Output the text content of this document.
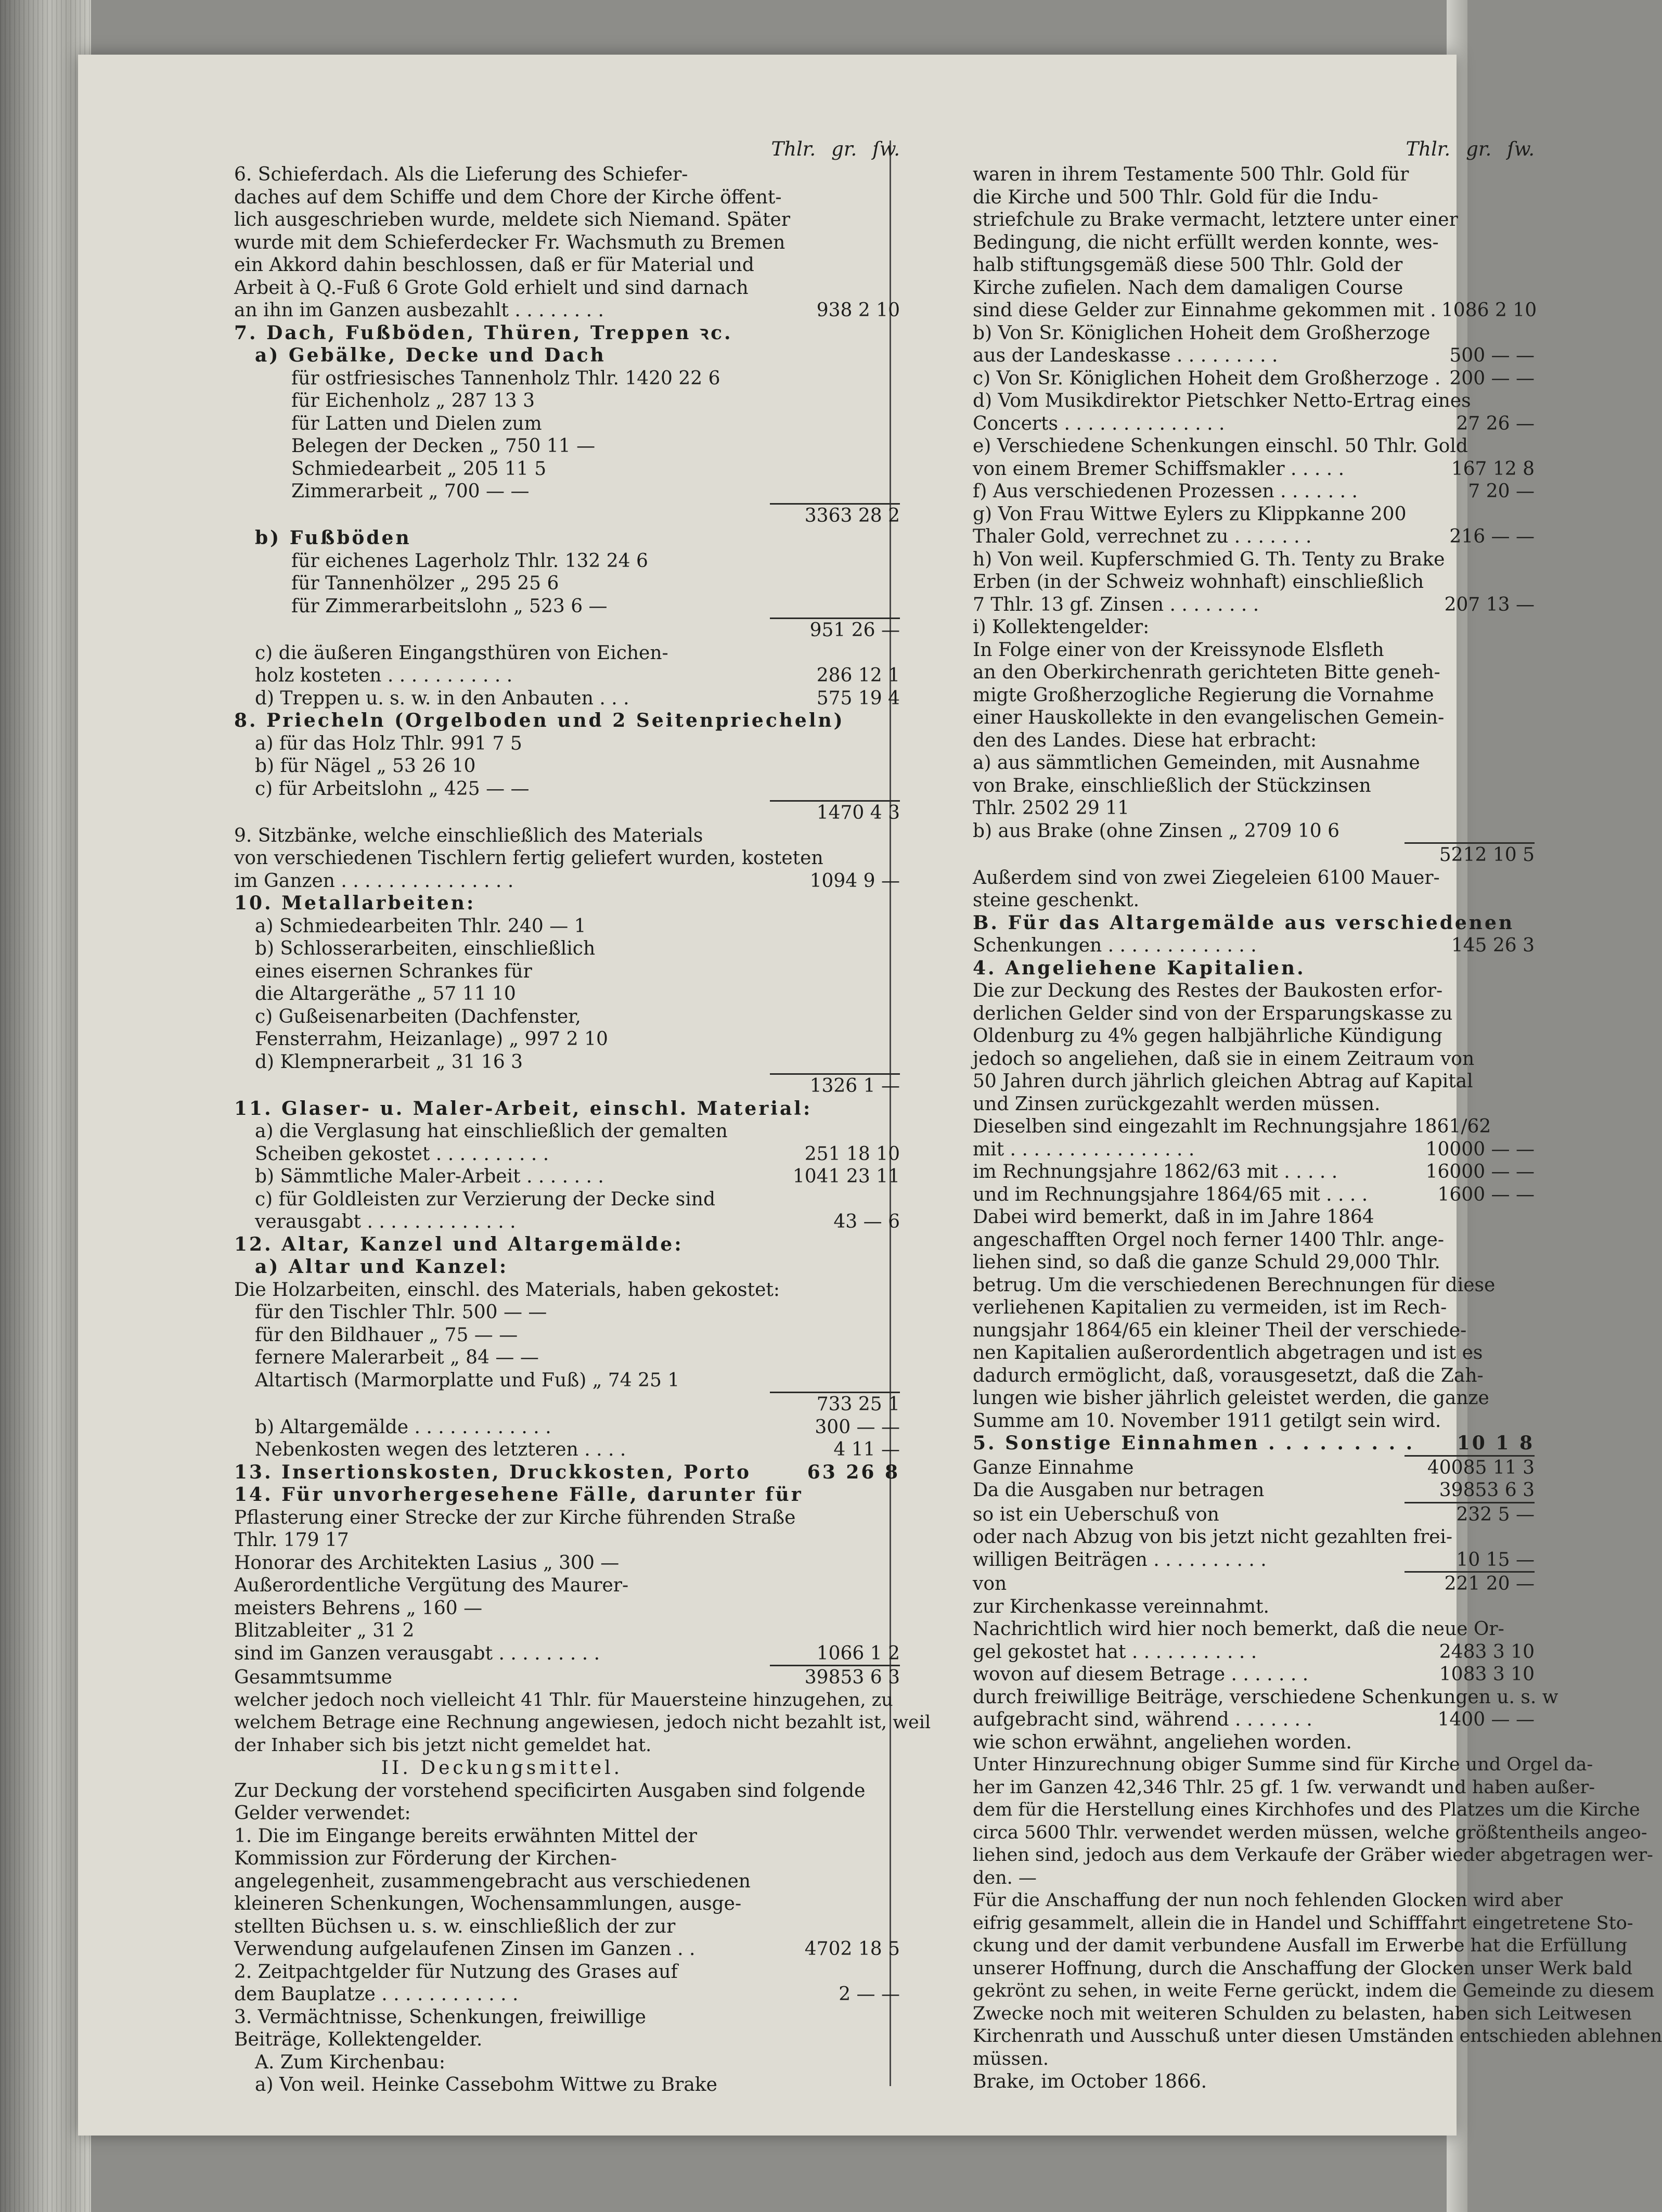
Thlr. gr. ſw.
6. Schieferdach. Als die Lieferung des Schiefer-
daches auf dem Schiffe und dem Chore der Kirche öffent-
lich ausgeschrieben wurde, meldete sich Niemand. Später
wurde mit dem Schieferdecker Fr. Wachsmuth zu Bremen
ein Akkord dahin beschlossen, daß er für Material und
Arbeit à Q.-Fuß 6 Grote Gold erhielt und sind darnach
an ihn im Ganzen ausbezahlt . . . . . . . .	938 2 10
7. Dach, Fußböden, Thüren, Treppen ꝛc.
a) Gebälke, Decke und Dach
für ostfriesisches Tannenholz Thlr. 1420 22 6
für Eichenholz „ 287 13 3
für Latten und Dielen zum
Belegen der Decken „ 750 11 —
Schmiedearbeit „ 205 11 5
Zimmerarbeit „ 700 — —
3363 28 2
b) Fußböden
für eichenes Lagerholz Thlr. 132 24 6
für Tannenhölzer „ 295 25 6
für Zimmerarbeitslohn „ 523 6 —
951 26 —
c) die äußeren Eingangsthüren von Eichen-
holz kosteten . . . . . . . . . . .	286 12 1
d) Treppen u. s. w. in den Anbauten . . .	575 19 4
8. Priecheln (Orgelboden und 2 Seitenpriecheln)
a) für das Holz Thlr. 991 7 5
b) für Nägel „ 53 26 10
c) für Arbeitslohn „ 425 — —
1470 4 3
9. Sitzbänke, welche einschließlich des Materials
von verschiedenen Tischlern fertig geliefert wurden, kosteten
im Ganzen . . . . . . . . . . . . . . .	1094 9 —
10. Metallarbeiten:
a) Schmiedearbeiten Thlr. 240 — 1
b) Schlosserarbeiten, einschließlich
eines eisernen Schrankes für
die Altargeräthe „ 57 11 10
c) Gußeisenarbeiten (Dachfenster,
Fensterrahm, Heizanlage) „ 997 2 10
d) Klempnerarbeit „ 31 16 3
1326 1 —
11. Glaser- u. Maler-Arbeit, einschl. Material:
a) die Verglasung hat einschließlich der gemalten
Scheiben gekostet . . . . . . . . . .	251 18 10
b) Sämmtliche Maler-Arbeit . . . . . . .	1041 23 11
c) für Goldleisten zur Verzierung der Decke sind
verausgabt . . . . . . . . . . . . .	43 — 6
12. Altar, Kanzel und Altargemälde:
a) Altar und Kanzel:
Die Holzarbeiten, einschl. des Materials, haben gekostet:
für den Tischler Thlr. 500 — —
für den Bildhauer „ 75 — —
fernere Malerarbeit „ 84 — —
Altartisch (Marmorplatte und Fuß) „ 74 25 1
733 25 1
b) Altargemälde . . . . . . . . . . . .	300 — —
Nebenkosten wegen des letzteren . . . .	4 11 —
13. Insertionskosten, Druckkosten, Porto	63 26 8
14. Für unvorhergesehene Fälle, darunter für
Pflasterung einer Strecke der zur Kirche führenden Straße
Thlr. 179 17
Honorar des Architekten Lasius „ 300 —
Außerordentliche Vergütung des Maurer-
meisters Behrens „ 160 —
Blitzableiter „ 31 2
sind im Ganzen verausgabt . . . . . . . . .	1066 1 2
Gesammtsumme	39853 6 3
welcher jedoch noch vielleicht 41 Thlr. für Mauersteine hinzugehen, zu
welchem Betrage eine Rechnung angewiesen, jedoch nicht bezahlt ist, weil
der Inhaber sich bis jetzt nicht gemeldet hat.
II. Deckungsmittel.
Zur Deckung der vorstehend specificirten Ausgaben sind folgende
Gelder verwendet:
1. Die im Eingange bereits erwähnten Mittel der
Kommission zur Förderung der Kirchen-
angelegenheit, zusammengebracht aus verschiedenen
kleineren Schenkungen, Wochensammlungen, ausge-
stellten Büchsen u. s. w. einschließlich der zur
Verwendung aufgelaufenen Zinsen im Ganzen . .	4702 18 5
2. Zeitpachtgelder für Nutzung des Grases auf
dem Bauplatze . . . . . . . . . . . .	2 — —
3. Vermächtnisse, Schenkungen, freiwillige
Beiträge, Kollektengelder.
A. Zum Kirchenbau:
a) Von weil. Heinke Cassebohm Wittwe zu Brake
Thlr. gr. ſw.
waren in ihrem Testamente 500 Thlr. Gold für
die Kirche und 500 Thlr. Gold für die Indu-
striefchule zu Brake vermacht, letztere unter einer
Bedingung, die nicht erfüllt werden konnte, wes-
halb stiftungsgemäß diese 500 Thlr. Gold der
Kirche zufielen. Nach dem damaligen Course
sind diese Gelder zur Einnahme gekommen mit . 1086 2 10
b) Von Sr. Königlichen Hoheit dem Großherzoge
aus der Landeskasse . . . . . . . . .	500 — —
c) Von Sr. Königlichen Hoheit dem Großherzoge . 200 — —
d) Vom Musikdirektor Pietschker Netto-Ertrag eines
Concerts . . . . . . . . . . . . . .	27 26 —
e) Verschiedene Schenkungen einschl. 50 Thlr. Gold
von einem Bremer Schiffsmakler . . . . .	167 12 8
f) Aus verschiedenen Prozessen . . . . . . .	7 20 —
g) Von Frau Wittwe Eylers zu Klippkanne 200
Thaler Gold, verrechnet zu . . . . . . .	216 — —
h) Von weil. Kupferschmied G. Th. Tenty zu Brake
Erben (in der Schweiz wohnhaft) einschließlich
7 Thlr. 13 gf. Zinsen . . . . . . . .	207 13 —
i) Kollektengelder:
In Folge einer von der Kreissynode Elsfleth
an den Oberkirchenrath gerichteten Bitte geneh-
migte Großherzogliche Regierung die Vornahme
einer Hauskollekte in den evangelischen Gemein-
den des Landes. Diese hat erbracht:
a) aus sämmtlichen Gemeinden, mit Ausnahme
von Brake, einschließlich der Stückzinsen
Thlr. 2502 29 11
b) aus Brake (ohne Zinsen „ 2709 10 6
5212 10 5
Außerdem sind von zwei Ziegeleien 6100 Mauer-
steine geschenkt.
B. Für das Altargemälde aus verschiedenen
Schenkungen . . . . . . . . . . . . .	145 26 3
4. Angeliehene Kapitalien.
Die zur Deckung des Restes der Baukosten erfor-
derlichen Gelder sind von der Ersparungskasse zu
Oldenburg zu 4% gegen halbjährliche Kündigung
jedoch so angeliehen, daß sie in einem Zeitraum von
50 Jahren durch jährlich gleichen Abtrag auf Kapital
und Zinsen zurückgezahlt werden müssen.
Dieselben sind eingezahlt im Rechnungsjahre 1861/62
mit . . . . . . . . . . . . . . . .	10000 — —
im Rechnungsjahre 1862/63 mit . . . . .	16000 — —
und im Rechnungsjahre 1864/65 mit . . . .	1600 — —
Dabei wird bemerkt, daß in im Jahre 1864
angeschafften Orgel noch ferner 1400 Thlr. ange-
liehen sind, so daß die ganze Schuld 29,000 Thlr.
betrug. Um die verschiedenen Berechnungen für diese
verliehenen Kapitalien zu vermeiden, ist im Rech-
nungsjahr 1864/65 ein kleiner Theil der verschiede-
nen Kapitalien außerordentlich abgetragen und ist es
dadurch ermöglicht, daß, vorausgesetzt, daß die Zah-
lungen wie bisher jährlich geleistet werden, die ganze
Summe am 10. November 1911 getilgt sein wird.
5. Sonstige Einnahmen . . . . . . . . .	10 1 8
Ganze Einnahme	40085 11 3
Da die Ausgaben nur betragen	39853 6 3
so ist ein Ueberschuß von	232 5 —
oder nach Abzug von bis jetzt nicht gezahlten frei-
willigen Beiträgen . . . . . . . . . .	10 15 —
von	221 20 —
zur Kirchenkasse vereinnahmt.
Nachrichtlich wird hier noch bemerkt, daß die neue Or-
gel gekostet hat . . . . . . . . . . .	2483 3 10
wovon auf diesem Betrage . . . . . . .	1083 3 10
durch freiwillige Beiträge, verschiedene Schenkungen u. s. w
aufgebracht sind, während . . . . . . .	1400 — —
wie schon erwähnt, angeliehen worden.
Unter Hinzurechnung obiger Summe sind für Kirche und Orgel da-
her im Ganzen 42,346 Thlr. 25 gf. 1 ſw. verwandt und haben außer-
dem für die Herstellung eines Kirchhofes und des Platzes um die Kirche
circa 5600 Thlr. verwendet werden müssen, welche größtentheils angeo-
liehen sind, jedoch aus dem Verkaufe der Gräber wieder abgetragen wer-
den. —
Für die Anschaffung der nun noch fehlenden Glocken wird aber
eifrig gesammelt, allein die in Handel und Schifffahrt eingetretene Sto-
ckung und der damit verbundene Ausfall im Erwerbe hat die Erfüllung
unserer Hoffnung, durch die Anschaffung der Glocken unser Werk bald
gekrönt zu sehen, in weite Ferne gerückt, indem die Gemeinde zu diesem
Zwecke noch mit weiteren Schulden zu belasten, haben sich Leitwesen
Kirchenrath und Ausschuß unter diesen Umständen entschieden ablehnen
müssen.
Brake, im October 1866.
